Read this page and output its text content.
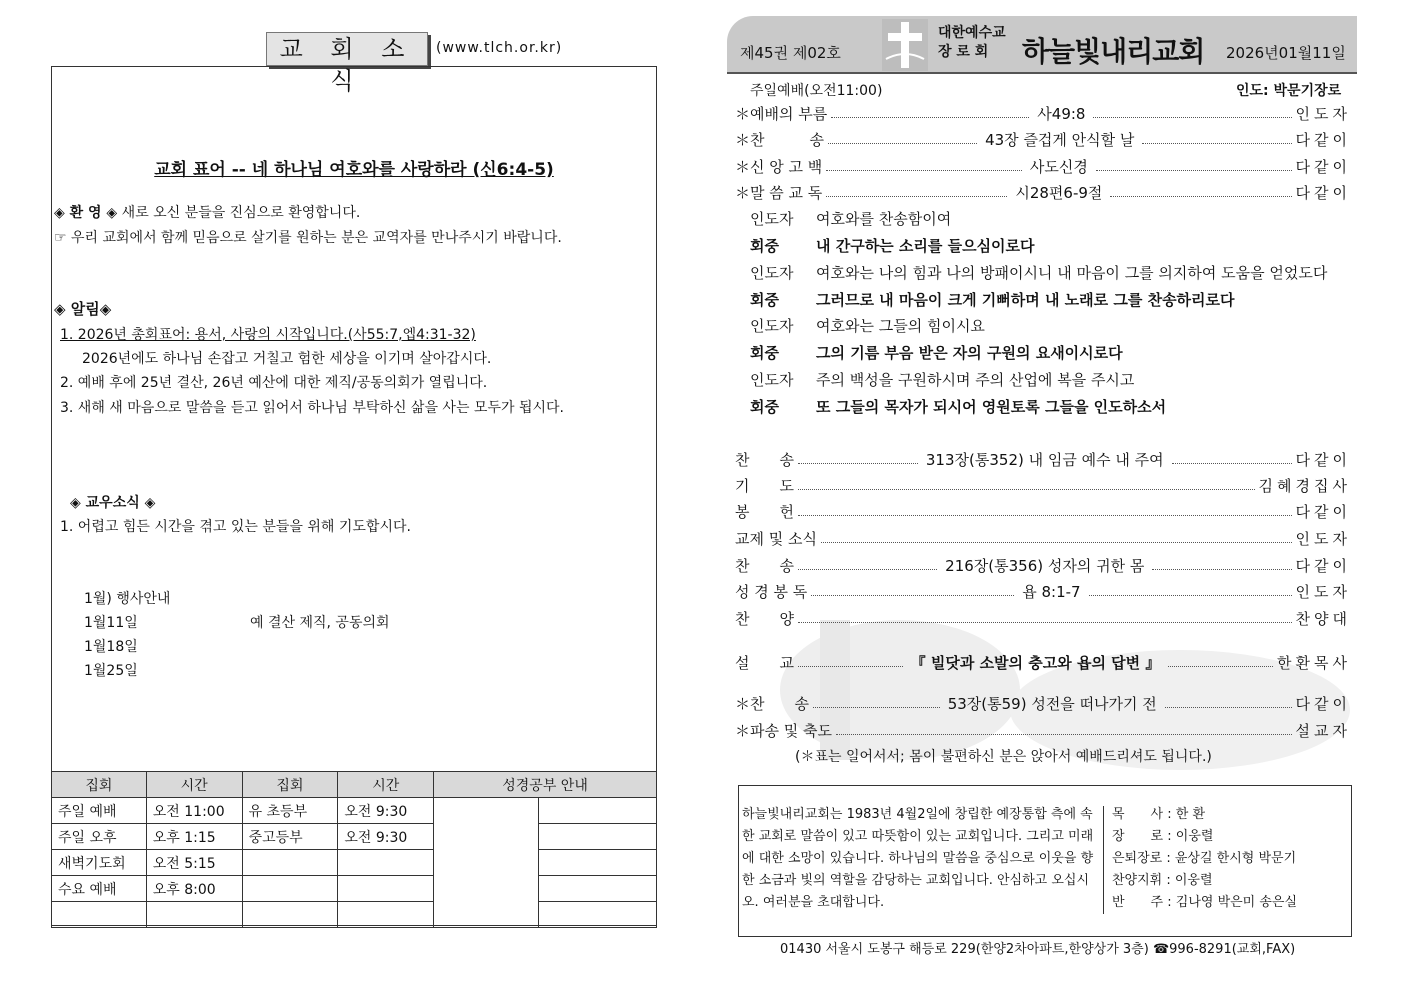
교 회 소 식
(www.tlch.or.kr)
교회 표어 -- 네 하나님 여호와를 사랑하라 (신6:4-5)
◈ 환 영 ◈ 새로 오신 분들을 진심으로 환영합니다.
☞ 우리 교회에서 함께 믿음으로 살기를 원하는 분은 교역자를 만나주시기 바랍니다.
◈ 알림◈
1. 2026년 총회표어: 용서, 사랑의 시작입니다.(사55:7,엡4:31-32)
2026년에도 하나님 손잡고 거칠고 험한 세상을 이기며 살아갑시다.
2. 예배 후에 25년 결산, 26년 예산에 대한 제직/공동의회가 열립니다.
3. 새해 새 마음으로 말씀을 듣고 읽어서 하나님 부탁하신 삶을 사는 모두가 됩시다.
◈ 교우소식 ◈
1. 어렵고 힘든 시간을 겪고 있는 분들을 위해 기도합시다.
1월) 행사안내
1월11일	예 결산 제직, 공동의회
1월18일
1월25일
집회	시간	집회	시간	성경공부 안내	
주일 예배	오전 11:00	유 초등부	오전 9:30		
주일 오후	오후 1:15	중고등부	오전 9:30		
새벽기도회	오전 5:15				
수요 예배	오후 8:00				

제45권 제02호
대한예수교
장 로 회	하늘빛내리교회 2026년01월11일
주일예배(오전11:00)	인도: 박문기장로
＊예배의 부름	사49:8	인도자
＊찬　　　송	43장 즐겁게 안식할 날	다같이
＊신 앙 고 백	사도신경	다같이
＊말 씀 교 독	시28편6-9절	다같이
인도자 여호와를 찬송함이여
회중 내 간구하는 소리를 들으심이로다
인도자 여호와는 나의 힘과 나의 방패이시니 내 마음이 그를 의지하여 도움을 얻었도다
회중 그러므로 내 마음이 크게 기뻐하며 내 노래로 그를 찬송하리로다
인도자 여호와는 그들의 힘이시요
회중 그의 기름 부음 받은 자의 구원의 요새이시로다
인도자 주의 백성을 구원하시며 주의 산업에 복을 주시고
회중 또 그들의 목자가 되시어 영원토록 그들을 인도하소서
찬　　송	313장(통352) 내 임금 예수 내 주여	다같이
기　　도	김혜경집사
봉　　헌	다같이
교제 및 소식	인도자
찬　　송	216장(통356) 성자의 귀한 몸	다같이
성 경 봉 독	욥 8:1-7	인도자
찬　　양	찬양대
설　　교	『 빌닷과 소발의 충고와 욥의 답변 』	한환목사
＊찬　　송	53장(통59) 성전을 떠나가기 전	다같이
＊파송 및 축도	설교자
(＊표는 일어서서; 몸이 불편하신 분은 앉아서 예배드리셔도 됩니다.)
하늘빛내리교회는 1983년 4월2일에 창립한 예장통합 측에 속한 교회로 말씀이 있고 따뜻함이 있는 교회입니다. 그리고 미래에 대한 소망이 있습니다. 하나님의 말씀을 중심으로 이웃을 향한 소금과 빛의 역할을 감당하는 교회입니다. 안심하고 오십시오. 여러분을 초대합니다.
목　　사 : 한 환
장　　로 : 이웅렬
은퇴장로 : 윤상길 한시형 박문기
찬양지휘 : 이웅렬
반　　주 : 김나영 박은미 송은실
01430 서울시 도봉구 해등로 229(한양2차아파트,한양상가 3층) ☎996-8291(교회,FAX)
